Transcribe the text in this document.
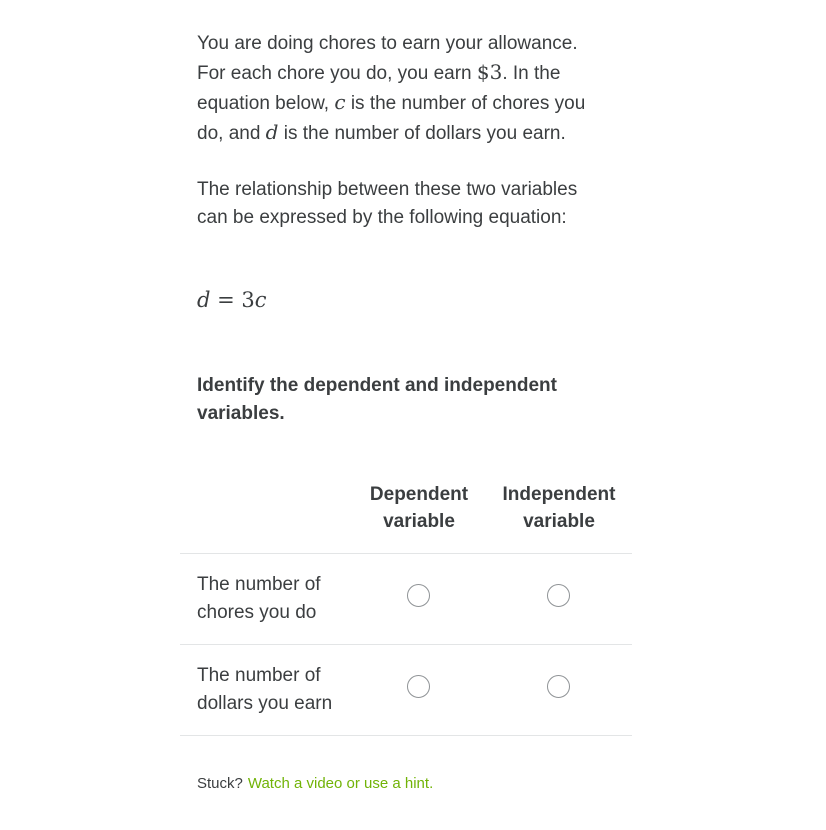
You are doing chores to earn your allowance.
For each chore you do, you earn $3. In the
equation below, c is the number of chores you
do, and d is the number of dollars you earn.

The relationship between these two variables
can be expressed by the following equation:

d = 3c

Identify the dependent and independent
variables.

Dependent
variable
Independent
variable

The number of
chores you do

The number of
dollars you earn

Stuck? Watch a video or use a hint.
